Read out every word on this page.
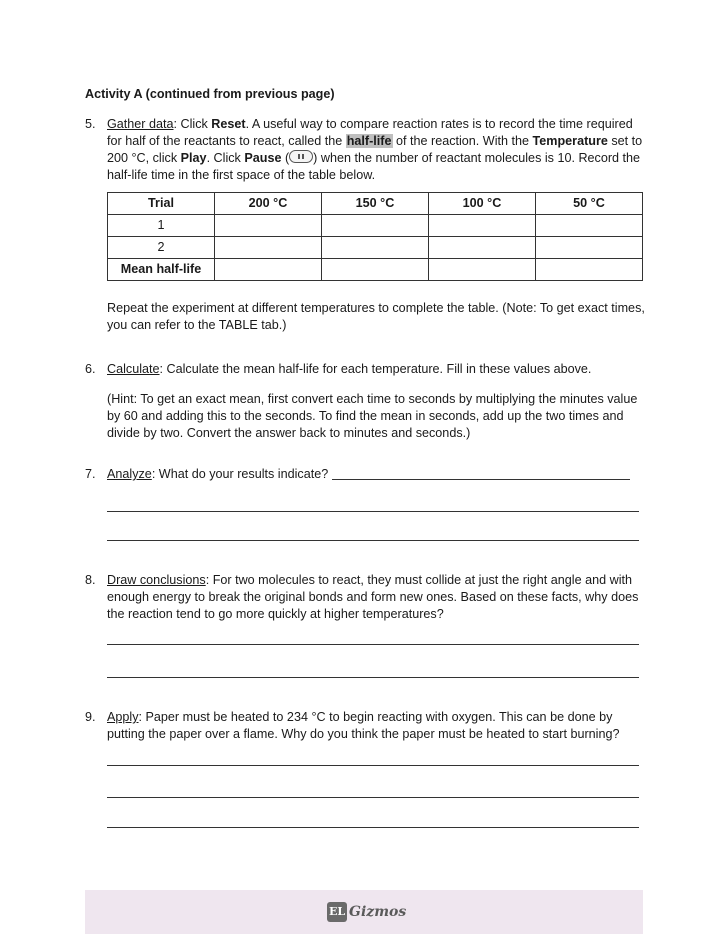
Activity A (continued from previous page)
5. Gather data: Click Reset. A useful way to compare reaction rates is to record the time required for half of the reactants to react, called the half-life of the reaction. With the Temperature set to 200 °C, click Play. Click Pause ( ) when the number of reactant molecules is 10. Record the half-life time in the first space of the table below.
Trial	200 °C	150 °C	100 °C	50 °C
1				
2				
Mean half-life				
Repeat the experiment at different temperatures to complete the table. (Note: To get exact times, you can refer to the TABLE tab.)
6. Calculate: Calculate the mean half-life for each temperature. Fill in these values above.
(Hint: To get an exact mean, first convert each time to seconds by multiplying the minutes value by 60 and adding this to the seconds. To find the mean in seconds, add up the two times and divide by two. Convert the answer back to minutes and seconds.)
7. Analyze: What do your results indicate?
8. Draw conclusions: For two molecules to react, they must collide at just the right angle and with enough energy to break the original bonds and form new ones. Based on these facts, why does the reaction tend to go more quickly at higher temperatures?
9. Apply: Paper must be heated to 234 °C to begin reacting with oxygen. This can be done by putting the paper over a flame. Why do you think the paper must be heated to start burning?
EL Gizmos
